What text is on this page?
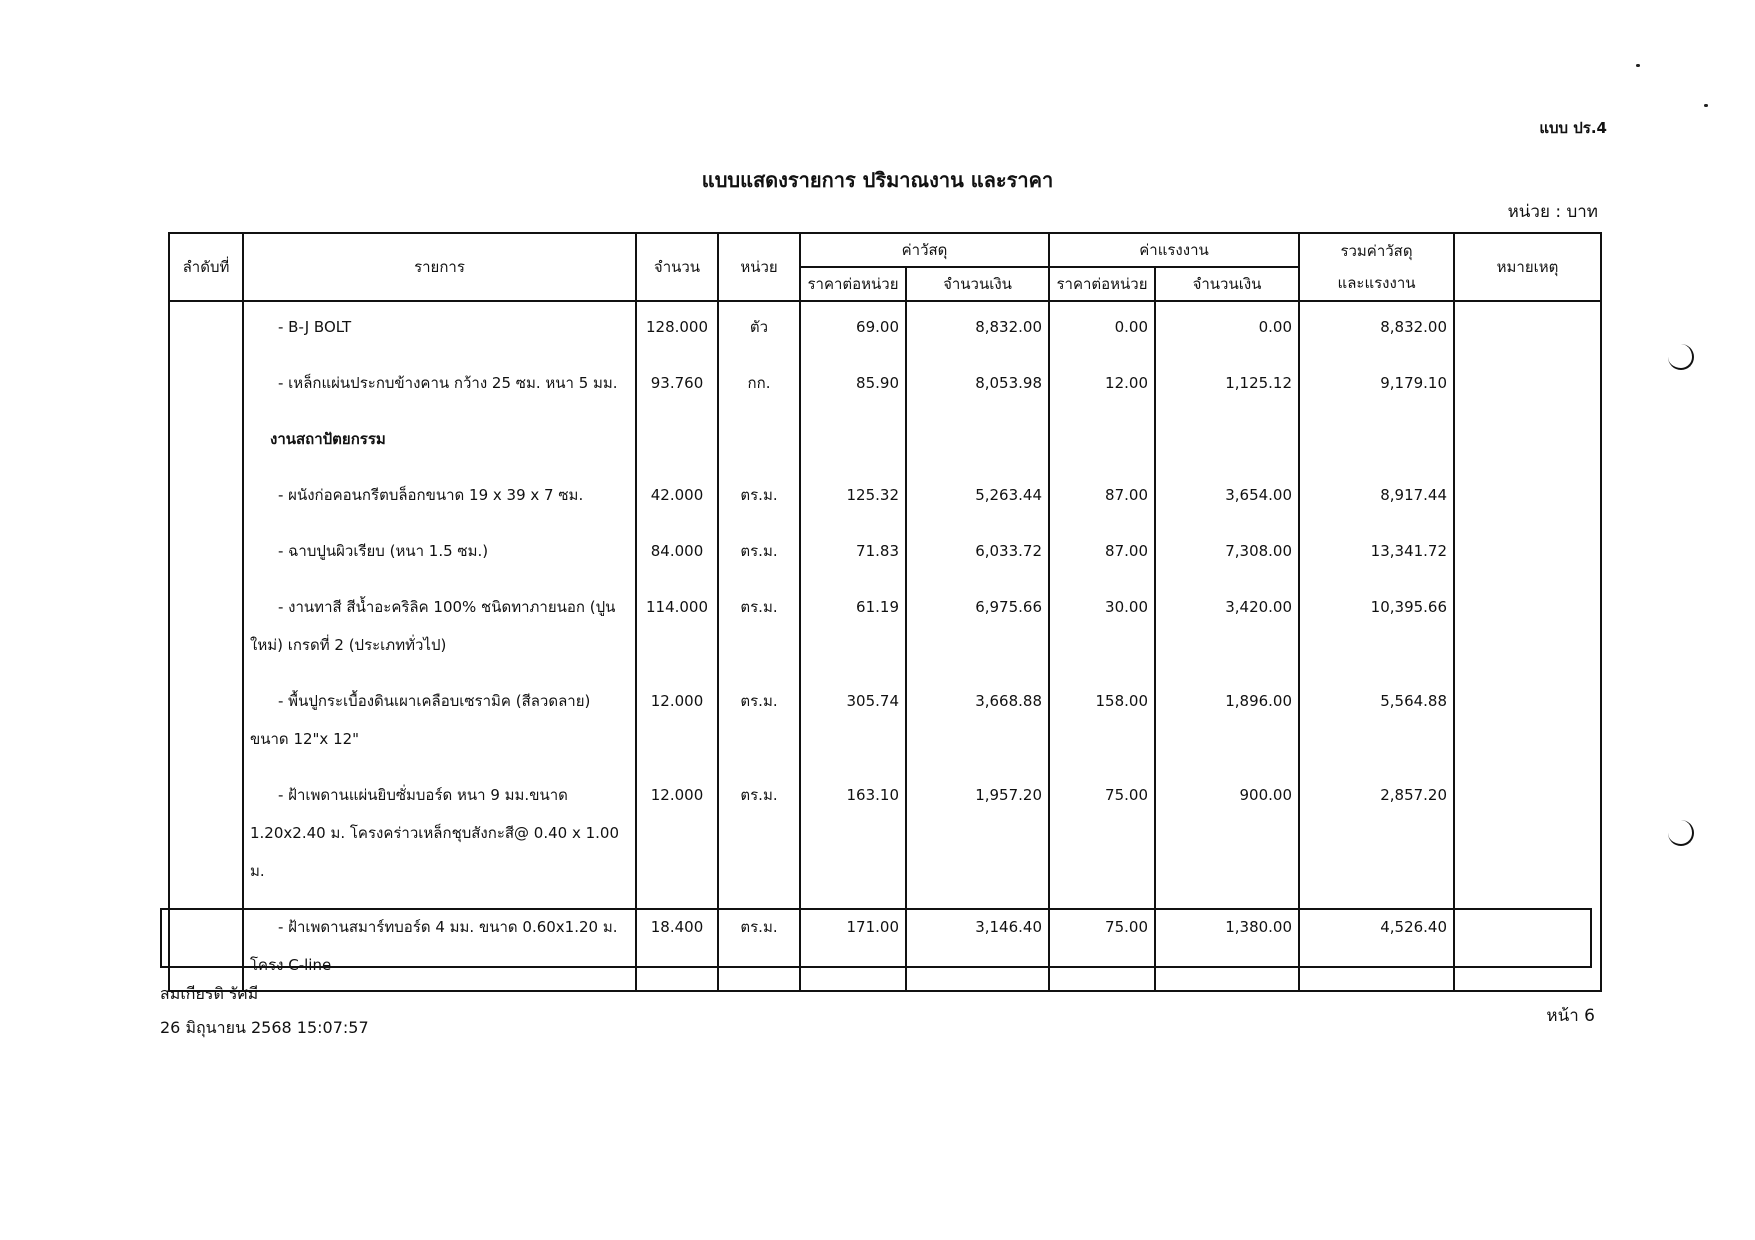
แบบ ปร.4
แบบแสดงรายการ ปริมาณงาน และราคา
หน่วย : บาท
ลำดับที่	รายการ	จำนวน	หน่วย	ค่าวัสดุ		ค่าแรงงาน		รวมค่าวัสดุ
และแรงงาน	หมายเหตุ
				ราคาต่อหน่วย	จำนวนเงิน	ราคาต่อหน่วย	จำนวนเงิน		

	- B-J BOLT	128.000	ตัว	69.00	8,832.00	0.00	0.00	8,832.00	

	- เหล็กแผ่นประกบข้างคาน กว้าง 25 ซม. หนา 5 มม.	93.760	กก.	85.90	8,053.98	12.00	1,125.12	9,179.10	

	งานสถาปัตยกรรม								

	- ผนังก่อคอนกรีตบล็อกขนาด 19 x 39 x 7 ซม.	42.000	ตร.ม.	125.32	5,263.44	87.00	3,654.00	8,917.44	

	- ฉาบปูนผิวเรียบ (หนา 1.5 ซม.)	84.000	ตร.ม.	71.83	6,033.72	87.00	7,308.00	13,341.72	

	- งานทาสี สีน้ำอะคริลิค 100% ชนิดทาภายนอก (ปูนใหม่) เกรดที่ 2 (ประเภททั่วไป)	114.000	ตร.ม.	61.19	6,975.66	30.00	3,420.00	10,395.66	

	- พื้นปูกระเบื้องดินเผาเคลือบเซรามิค (สีลวดลาย) ขนาด 12"x 12"	12.000	ตร.ม.	305.74	3,668.88	158.00	1,896.00	5,564.88	

	- ฝ้าเพดานแผ่นยิบซั่มบอร์ด หนา 9 มม.ขนาด 1.20x2.40 ม. โครงคร่าวเหล็กชุบสังกะสี@ 0.40 x 1.00 ม.	12.000	ตร.ม.	163.10	1,957.20	75.00	900.00	2,857.20	

	- ฝ้าเพดานสมาร์ทบอร์ด 4 มม. ขนาด 0.60x1.20 ม. โครง C-line	18.400	ตร.ม.	171.00	3,146.40	75.00	1,380.00	4,526.40	
สมเกียรติ รัศมี
26 มิถุนายน 2568 15:07:57
หน้า 6
